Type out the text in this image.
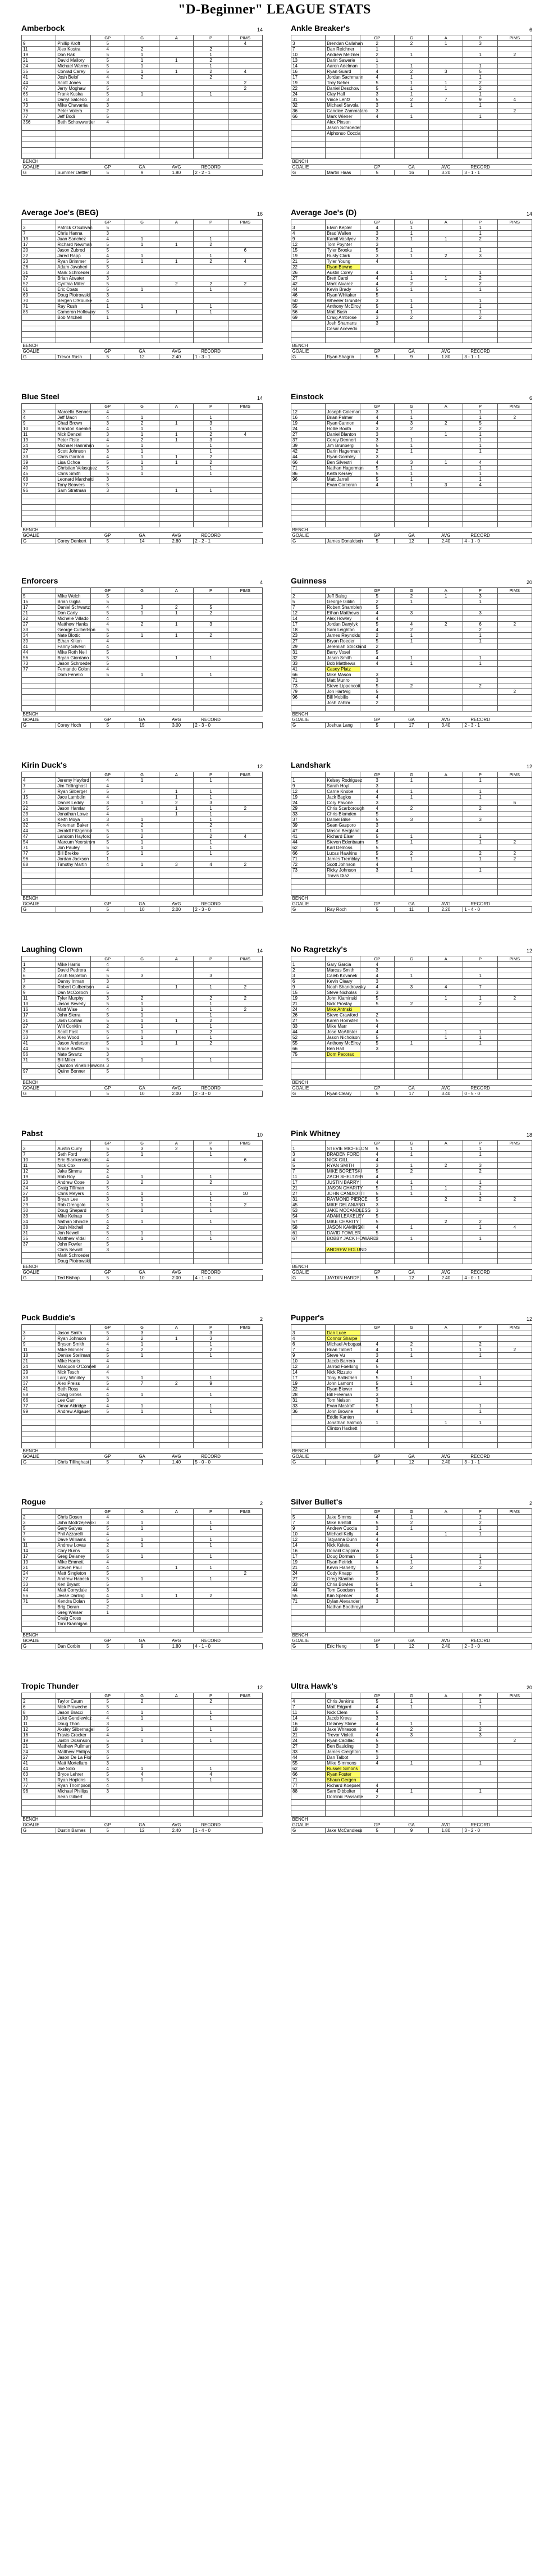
"D-Beginner" LEAGUE STATS
Amberbock	14
		GP	G	A	P	PIMS
9	Phillip Kroft	5				4
11	Alex Kostra	4	2		2	
19	Don Rak	5	1		1	
21	David Mallory	5	1	1	2	
24	Michael Warren	5	1		1	
35	Conrad Carey	5	1	1	2	4
41	Josh Belof	4	2		2	
44	Scott Jones	3				2
47	Jerry Moghaw	5				2
65	Frank Kuska	5	1		1	
71	Darryl Salcedo	3				
73	Mike Chavarria	3				
76	Peter Volera	2				
77	Jeff Bodi	5				
356	Beth Schowwertier	4				

BENCH						
GOALIE		GP	GA	AVG	RECORD	
G	Summer Dettler	5	9	1.80	2 - 2 - 1	
Ankle Breaker's	6
		GP	G	A	P	PIMS
3	Brendan Callahan	2	2	1	3	
7	Dan Reichner	1				
10	Andrew Melzner	2	1		1	2
13	Darin Sawerie	1				
14	Aaron Adelman	1	1		1	
16	Ryan Guard	4	2	3	5	
17	Jordan Sachmann	4	1		1	
19	Troy Neher	5	1	1	2	
22	Daniel Deschow	5	1	1	2	
24	Clay Hall	3	1		1	
31	Vince Lentz	5	2	7	9	4
32	Michael Stavola	3	1		1	
36	Candice Zammataro	3				2
66	Mark Wiener	4	1		1	
	Alex Pinson					
	Jason Schroeder					
	Alphonso Coccia					

BENCH						
GOALIE		GP	GA	AVG	RECORD	
G	Martin Haas	5	16	3.20	3 - 1 - 1	
Average Joe's (BEG)	16
		GP	G	A	P	PIMS
3	Patrick O'Sullivan	5				
7	Chris Hanna	3				
13	Juan Sanchez	4	1		1	
17	Richard Newman	5	1	1	2	
20	Jason Zubrod	5				6
22	Jared Rapp	4	1		1	
23	Ryan Brimmer	5	1	1	2	4
26	Adam Javaheri	5				
31	Mark Schroeder	3				
37	Brian Atwater	3				
52	Cynthia Miller	5		2	2	2
61	Eric Coats	5	1		1	
69	Doug Piotrowski	3				
70	Bergen O'Rourke	4				
71	Ray Rush	1	1		1	
85	Cameron Holloway	5		1	1	
	Bob Mitchell	1				

BENCH						
GOALIE		GP	GA	AVG	RECORD	
G	Trevor Rush	5	12	2.40	1 - 3 - 1	
Average Joe's (D)	14
		GP	G	A	P	PIMS
3	Elwin Kepler	4	1		1	
4	Brad Wallen	3	1		1	
9	Kamil Vasilyev	3	1	1	2	
12	Tom Poynter	3				
15	Tyler Brooks	5	1		1	
19	Rusty Clark	3	1	2	3	
21	Tyler Young	4				
22	Ryan Bowne					
26	Austin Corey	4	1		1	
27	Brett Carol	4	1	1	2	
42	Mark Alvarez	4	2		2	
44	Kevin Brady	5	1		1	
46	Ryan Whitaker	5				
50	Wheeler Grunder	3	1		1	
55	Anthony McElroy	5	1		1	
56	Matt Bush	4	1		1	
69	Craig Ambrose	3	2		2	
	Josh Shamans	3				
	Cesar Acevedo					

BENCH						
GOALIE		GP	GA	AVG	RECORD	
G	Ryan Shagrin	5	9	1.80	3 - 1 - 1	
Blue Steel	14
		GP	G	A	P	PIMS
3	Marcella Benner	4				
4	Jeff Macri	4	1		1	
9	Chad Brown	3	2	1	3	
10	Brandon Koenke	4	1		1	
11	Nick Denzel	3	1	1	2	4
19	Peter Fiste	4	2	1	3	
24	Michael Hanrahan	5	1		1	
27	Scott Johnson	3	1		1	
33	Chris Gordon	4	1	1	2	
39	Lisa Ochoa	5	1	1	2	
40	Christian Velasquez	5	1		1	
45	Chris Smith	5	1		1	
68	Leonard Marchetti	3				
77	Tony Beavers	5				
96	Sam Stratman	3		1	1	

BENCH						
GOALIE		GP	GA	AVG	RECORD	
G	Corey Denkert	5	14	2.80	2 - 2 - 1	
Einstock	6
		GP	G	A	P	PIMS
12	Joseph Coleman	3	1		1	
16	Brian Palmer	4	1		1	2
19	Ryan Cannon	4	3	2	5	
24	Hollie Booth	3	2		2	
27	Daniel Blanton	3		1	1	
37	Corey Dennert	3	1		1	
39	Jim Brunberg	5	1		1	
42	Darin Hagerman	2	1		1	
44	Ryan Gormley	3				
66	Ben Silvestri	4	3	1	4	
71	Nathan Hagerman	5	1		1	
86	Keith Kersey	5	1		1	
96	Matt Jarrell	5	1		1	
	Evan Corcoran	4	1	3	4	

BENCH						
GOALIE		GP	GA	AVG	RECORD	
G	James Donaldson	5	12	2.40	4 - 1 - 0	
Enforcers	4
		GP	G	A	P	PIMS
5	Mike Welch	5				
15	Brian Giglia	5				
17	Daniel Schwartz	4	3	2	5	
21	Don Carty	5	1	1	2	
22	Michelle Villado	4				
27	Matthew Hanks	4	2	1	3	
33	George Culbertson	5				
34	Nate Blottic	5	1	1	2	
39	Ethan Kilton	4				
41	Fanny Silvesri	4				
44	Mike Roth Neil	5				
56	Bryan Giordano	5		1	1	
73	Jason Schroeder	5				
77	Fernando Colon	4				
	Dom Fenello	5	1		1	

BENCH						
GOALIE		GP	GA	AVG	RECORD	
G	Corey Hoch	5	15	3.00	2 - 3 - 0	
Guinness	20
		GP	G	A	P	PIMS
2	Jeff Balog	5	2	1	3	
5	George Giblin	2	1		1	
7	Robert Shamblen	5				
12	Ethan Matthews	4	3		3	
14	Alex Howley	4				
17	Jordan Danylyk	5	4	2	6	2
18	Sam Leighton	4	2		2	
23	James Reynolds	2	1		1	
27	Bryan Roeder	5	1		1	
29	Jeremiah Strickland	2				
31	Barry Vosel	5				
32	Jason Smith	4	1		1	
33	Bob Matthews	4	1		1	
41	Casey Platz					
66	Mike Mason	3				
71	Matt Munro	3				
73	Steve Lippencott	5	2		2	
79	Jon Hartwig	5				2
96	Bill Mobilio	4				
	Josh Zahlm	2				

BENCH						
GOALIE		GP	GA	AVG	RECORD	
G	Joshua Lang	5	17	3.40	2 - 3 - 1	
Kirin Duck's	12
		GP	G	A	P	PIMS
4	Jeremy Hayford	4	1		1	
7	Jim Tellinghast	4				
7	Ryan Silberger	5		1	1	
15	Jace Lambdin	4		1	1	
21	Daniel Leddy	3	1	2	3	
22	Jason Hamlar	5		1	1	2
23	Jonathan Lowe	4		1	1	
24	Keith Moya	3	1		1	
32	Foreman Baker	4	2		2	
44	Jeraldt Fitzgerald	5	1		1	
47	Landom Hayford	5	2		2	4
54	Marcum Yeerstrom	5	1		1	
71	Jon Pauley	5	1		1	
77	Bill Brekke	5	1		1	
96	Jordan Jackson	1				
88	Timothy Martin	4	1	3	4	2

BENCH						
GOALIE		GP	GA	AVG	RECORD	
G		5	10	2.00	2 - 3 - 0	
Landshark	12
		GP	G	A	P	PIMS
1	Kelsey Rodriguez	3	1		1	
9	Sarah Hoyt	3				
12	Carrie Knobe	4	1		1	
19	Jack Baglos	4	1		1	
24	Cory Pavone	3				6
29	Chris Scarborough	4	2		2	
33	Chris Blomden	5				
37	Daniel Bilse	5	3		3	
39	Sean Gasporo	3				
47	Mason Bergland	4				
41	Richard Elser	5	1		1	
44	Steven Edenbaum	5	1		1	2
62	Karl Delnoss	5				
66	Lucas Hawkins	5	2		2	2
71	James Tremblay	5	1		1	2
72	Scott Johnson	4				
73	Ricky Johnson	3	1		1	
	Travis Diaz					

BENCH						
GOALIE		GP	GA	AVG	RECORD	
G	Ray Roch	5	11	2.20	1 - 4 - 0	
Laughing Clown	14
		GP	G	A	P	PIMS
1	Mike Harris	4				
3	David Pedrera	4				
6	Zach Napleton	5	3		3	
7	Danny Inman	3				
8	Robert Culbertson	4		1	1	2
9	Dan McColloch	5				
11	Tyler Murphy	3	2		2	2
13	Jason Beverly	5	1		1	
16	Matt Wise	4	1		1	2
17	John Sierra	5	1		1	
21	Josh Conlan	5	1	1	2	
27	Will Conklin	2	1		1	
28	Scott Fast	5	1	1	2	
33	Alex Wood	5	1		1	
41	Jason Anderson	5	1	1	2	
44	Bruce Bartlev	5				
56	Nate Swartz	3				
71	Bill Miller	5	1		1	
	Quinton Vinelli Hawkins	3				
97	Quinn Bonner	5				

BENCH						
GOALIE		GP	GA	AVG	RECORD	
G		5	10	2.00	2 - 3 - 0	
No Ragretzky's	12
		GP	G	A	P	PIMS
1	Gary Garcia	4				
2	Marcus Smith	3				
3	Caleb Kovanek	4	1		1	
6	Kevin Cleary	3				
9	Noah Shandrowsky	4	3	4	7	
15	Steve Nicholas	3				
19	John Kiaminski	5		1	1	2
21	Nick Prostay	5	2		2	
24	Mike Antnski					
26	Steve Crawford	2				
27	Karen Hornsten	5				
33	Mike Marr	4				
44	Jose McAllister	4		1	1	
52	Jason Nicholson	5		1	1	
55	Anthony McElroy	5	1		1	
66	Ben Hall	3				
75	Dom Pecorao					

BENCH						
GOALIE		GP	GA	AVG	RECORD	
G	Ryan Cleary	5	17	3.40	0 - 5 - 0	
Pabst	10
		GP	G	A	P	PIMS
3	Austin Curry	5	3	2	5	
7	Seth Ford	5	1		1	
10	Eric Blankenship	4				6
11	Nick Cox	5				
12	Jake Simms	2				
19	Rob Roy	4	1		1	
23	Andrew Cope	3	2		2	
24	Craig Tiffman	5				
27	Chris Meyers	4	1		1	10
28	Bryan Lee	3	1		1	
29	Rob Orengolo	5	1		1	2
30	Doug Shepard	4	1		1	
33	Mike Kelnap	5				
34	Nathan Shindle	4	1		1	
38	Josh Mitchell	2				
31	Jon Newell	5	1		1	
35	Matthew Vidal	4	1		1	
37	John Fowler	5				
	Chris Sewall	3				
	Mark Schroeder					
	Doug Piotrowski					
BENCH						
GOALIE		GP	GA	AVG	RECORD	
G	Ted Bishop	5	10	2.00	4 - 1 - 0	
Pink Whitney	18
		GP	G	A	P	PIMS
1	STEVIE MICHELON	5	1		1	
3	BRADEN FORD	4	1		1	
4	NICK GILL	4				
5	RYAN SMITH	3	1	2	3	
7	MIKE BORETSKI	5	2		2	
11	ZACH SHELTZER	4				
17	JUSTIN BARRY	4	1		1	
21	JASON CHARITY	5	1	1	2	
27	JOHN CANDIOTTI	5	1		1	
31	RAYMOND PIERCE	5		2	2	2
45	MIKE DELANIANO	3				
53	JAKE MCCANDLESS	3				
54	ADAM LEAKELEY	5				
57	MIKE CHARITY	5		2	2	
58	JASON KAMINSKI	4	1		1	4
61	DAVID FOWLER	5				
67	BOBBY JACK HOWARD	3	1		1	

	ANDREW EDLUND					

BENCH						
GOALIE		GP	GA	AVG	RECORD	
G	JAYDIN HARDY	5	12	2.40	4 - 0 - 1	
Puck Buddie's	2
		GP	G	A	P	PIMS
3	Jason Smith	5	3		3	
7	Ryan Johnson	3	2	1	3	
9	Bryson Smith	4	1		1	
11	Mike Mohner	4	2		2	
18	Denise Stellman	5	1		1	
21	Mike Harris	4				
24	Marquon O'Connell	3				
29	Nick Tesch	4				
33	Larry Windley	5	1		1	
37	Alex Preiss	5	7	2	9	
41	Beth Ross	4				
58	Craig Gross	4	1		1	
66	Lee Carr	3				
77	Omar Aldridge	4	1		1	
99	Andrew Allgauer	5	1		1	

BENCH						
GOALIE		GP	GA	AVG	RECORD	
G	Chris Tillinghast	5	7	1.40	5 - 0 - 0	
Pupper's	12
		GP	G	A	P	PIMS
3	Dan Luce					
4	Connor Sharpe					
6	Michael Arbogast	4	2		2	
7	Brian Tolbert	4	1		1	2
9	Steve Vu	3	1		1	
10	Jacob Barrera	4				
12	Jarrod Foerking	5				
14	Nick Rizzuto	4				
17	Tony Ballistrieri	5	1		1	
19	John Lamont	5	1		1	
22	Ryan Blower	5				
28	Bill Freeman	3				
31	Tom Nelson	3				
33	Evan Mastroff	5	1		1	
36	John Browne	4	1		1	
	Eddie Kanten					
	Jonathan Salmon	1		1	1	
	Clinton Hackett					

BENCH						
GOALIE		GP	GA	AVG	RECORD	
G		5	12	2.40	3 - 1 - 1	
Rogue	2
		GP	G	A	P	PIMS
2	Chris Dosen	4				
3	John Modrzejewski	3	1		1	
5	Gary Galyas	5	1		1	
7	Phil Azzarelli	4				
9	Dave Williams	5	1		1	
11	Andrew Lovas	2	1		1	
14	Cory Burns	3				
17	Greg Delaney	5	1		1	
19	Mike Emmett	4				
21	Steven Paul	4		1	1	
24	Matt Singleton	5				2
27	Andrew Habeck	5	1		1	
33	Ken Bryant	5				
44	Matt Corrydale	3				
56	Jesse Darling	4	1	1	2	
71	Kendra Dolan	5				
	Brig Doran	2				
	Greg Weiser	1				
	Craig Cross					
	Toni Brannigan					

BENCH						
GOALIE		GP	GA	AVG	RECORD	
G	Dan Corbin	5	9	1.80	4 - 1 - 0	
Silver Bullet's	2
		GP	G	A	P	PIMS
5	Jake Simms	4	1		1	
7	Mike Bristoll	5	2		2	
9	Andrew Cuccia	3	1		1	
10	Michael Kelly	4		1	1	
12	Tatyanna Dunn	4				
14	Nick Kuleta	4				
16	Donald Cappina	3				
17	Doug Dorman	5	1		1	
19	Ryan Petrick	4	1		1	
21	Kevin Flaherty	5	2		2	
24	Cody Knapp	5				
27	Greg Stanton	3				
33	Chris Bowles	5	1		1	
44	Tom Goodson	5				
55	Kim Spencer	4				
71	Dylan Alexander	3				
	Nathan Boothroyd					

BENCH						
GOALIE		GP	GA	AVG	RECORD	
G	Eric Heng	5	12	2.40	2 - 3 - 0	
Tropic Thunder	12
		GP	G	A	P	PIMS
2	Taylor Caum	5	2		2	
6	Nick Proweche	5				
8	Jason Bracci	4	1		1	
10	Luke Gendlewicz	4	1		1	
11	Doug Thon	3				
12	Aksley Silbernagel	5	1		1	
16	Travis Crocker	4				
19	Justin Dickinson	5	1		1	
21	Mathew Pullman	5				
24	Matthew Phillips	3				
27	Jason De La Flor	5				
41	Matt Mortellaro	3				
44	Joe Solo	4	1		1	
63	Bryce Lehrer	5	4		4	
71	Ryan Hopkins	5	1		1	
77	Ryan Thompson	4				
96	Michael Phillips	3				
	Sean Gilbert					

BENCH						
GOALIE		GP	GA	AVG	RECORD	
G	Dustin Barnes	5	12	2.40	1 - 4 - 0	
Ultra Hawk's	20
		GP	G	A	P	PIMS
4	Chris Jenkins	5	1		1	
7	Matt Edgard	4	1		1	
11	Nick Clem	5				
14	Jacob Krevs	3				
16	Delaney Stone	4	1		1	
18	Jake Whiteson	4	2		2	
21	Trevor Violett	4	3		3	
24	Ryan Cadillac	5				2
27	Ben Baulding	3				
33	James Creighton	5				
44	Dan Talbot	3				
55	Mike Simmons	4	1		1	
62	Russell Simons					
66	Ryan Foster					
71	Shaun Gergen					
77	Richard Koepsel	4				
88	Sam Dibbolter	4	1		1	
	Dominic Passante	2				

BENCH						
GOALIE		GP	GA	AVG	RECORD	
G	Jake McCandless	5	9	1.80	3 - 2 - 0	
